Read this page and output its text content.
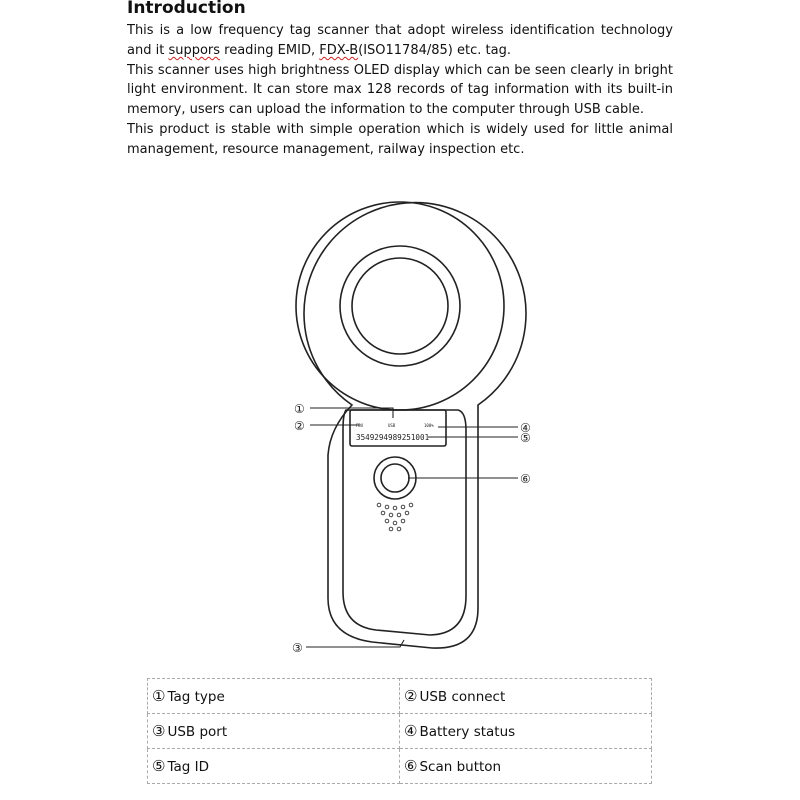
Introduction

This is a low frequency tag scanner that adopt wireless identification technology and it suppors reading EMID, FDX-B(ISO11784/85) etc. tag.

This scanner uses high brightness OLED display which can be seen clearly in bright light environment. It can store max 128 records of tag information with its built-in memory, users can upload the information to the computer through USB cable.

This product is stable with simple operation which is widely used for little animal management, resource management, railway inspection etc.

FDX	USB	100%
3549294989251001
①
②
③
④
⑤
⑥
① Tag type	② USB connect
③ USB port	④ Battery status
⑤ Tag ID	⑥ Scan button
